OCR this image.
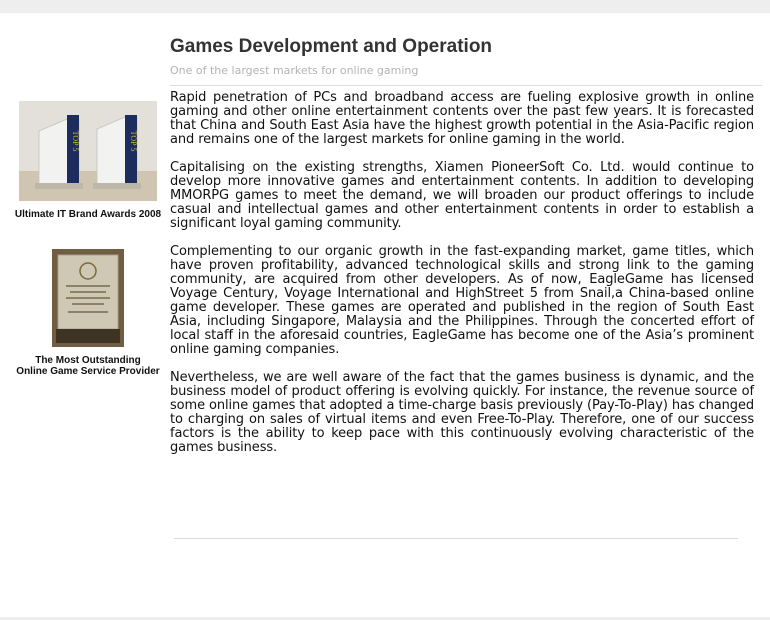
TOP 5	TOP 5
Ultimate IT Brand Awards 2008
The Most Outstanding
Online Game Service Provider
Games Development and Operation
One of the largest markets for online gaming

Rapid penetration of PCs and broadband access are fueling explosive growth in online gaming and other online entertainment contents over the past few years. It is forecasted that China and South East Asia have the highest growth potential in the Asia-Pacific region and remains one of the largest markets for online gaming in the world.

Capitalising on the existing strengths, Xiamen PioneerSoft Co. Ltd. would continue to develop more innovative games and entertainment contents. In addition to developing MMORPG games to meet the demand, we will broaden our product offerings to include casual and intellectual games and other entertainment contents in order to establish a significant loyal gaming community.

Complementing to our organic growth in the fast-expanding market, game titles, which have proven profitability, advanced technological skills and strong link to the gaming community, are acquired from other developers. As of now, EagleGame has licensed Voyage Century, Voyage International and HighStreet 5 from Snail,a China-based online game developer. These games are operated and published in the region of South East Asia, including Singapore, Malaysia and the Philippines. Through the concerted effort of local staff in the aforesaid countries, EagleGame has become one of the Asia’s prominent online gaming companies.

Nevertheless, we are well aware of the fact that the games business is dynamic, and the business model of product offering is evolving quickly. For instance, the revenue source of some online games that adopted a time-charge basis previously (Pay-To-Play) has changed to charging on sales of virtual items and even Free-To-Play. Therefore, one of our success factors is the ability to keep pace with this continuously evolving characteristic of the games business.
